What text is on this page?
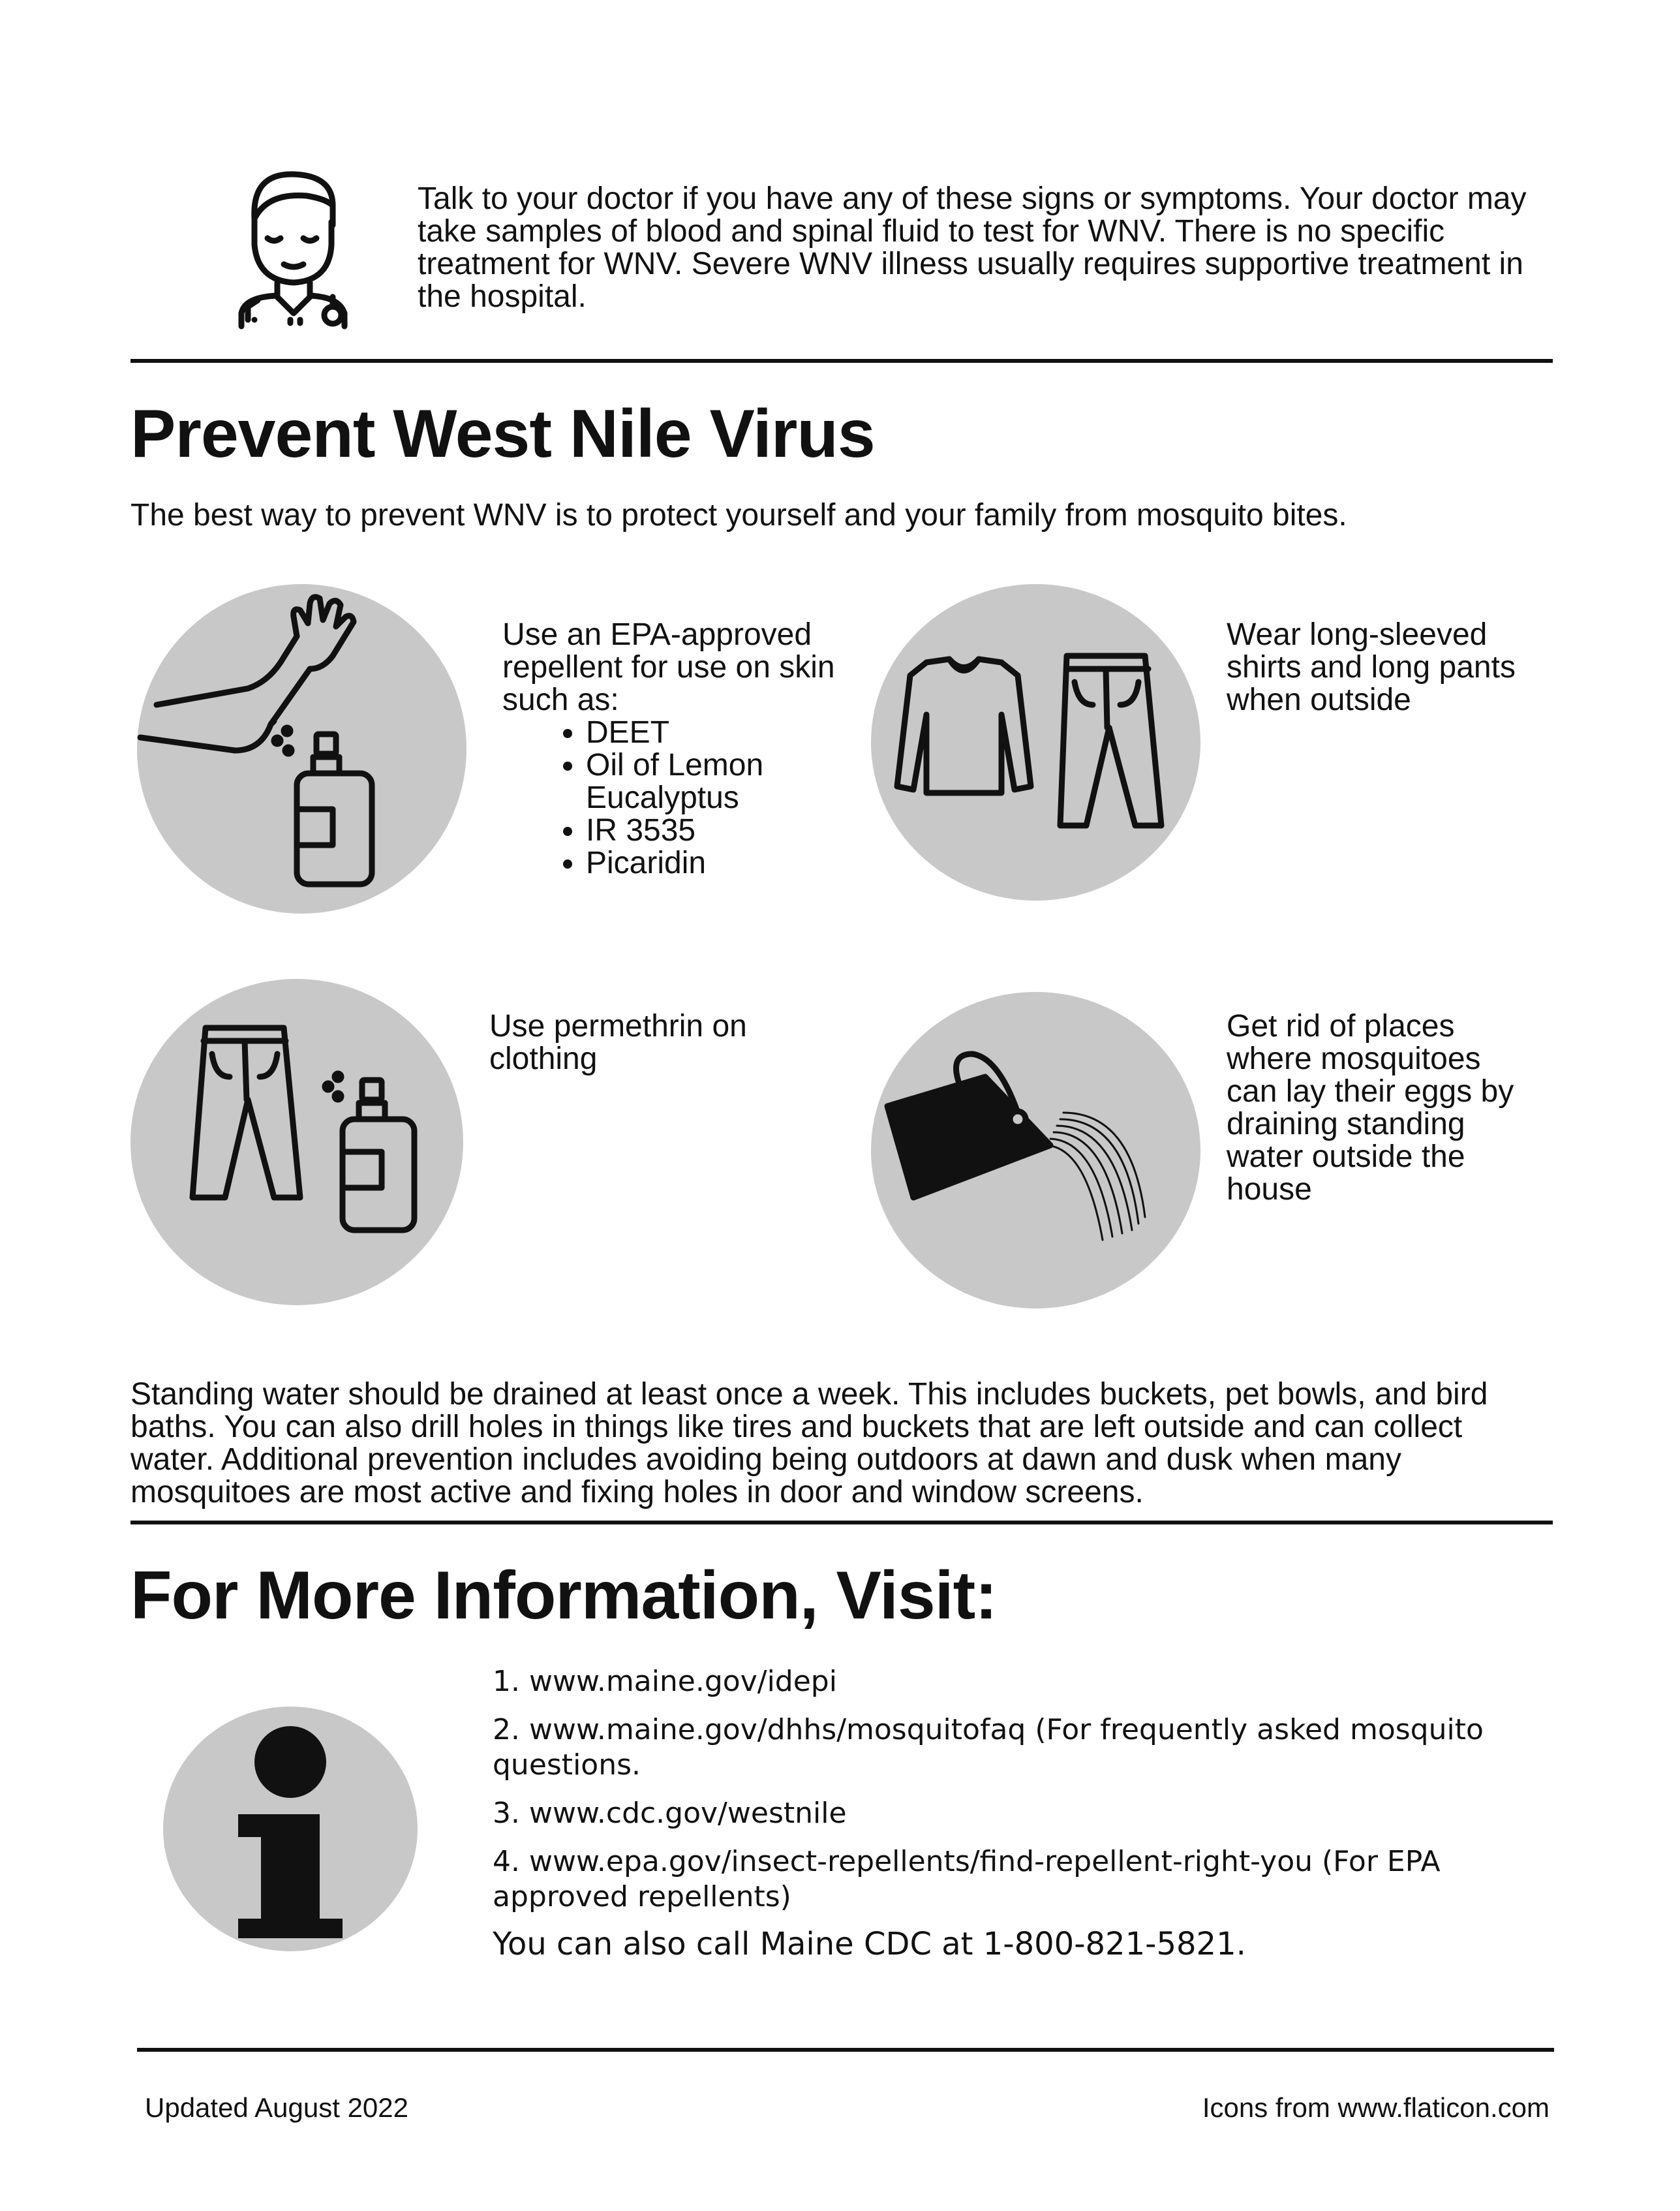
Talk to your doctor if you have any of these signs or symptoms. Your doctor may take samples of blood and spinal fluid to test for WNV. There is no specific treatment for WNV. Severe WNV illness usually requires supportive treatment in the hospital.
Prevent West Nile Virus
The best way to prevent WNV is to protect yourself and your family from mosquito bites.
Use an EPA-approved repellent for use on skin such as:
• DEET
• Oil of Lemon Eucalyptus
• IR 3535
• Picaridin
Wear long-sleeved shirts and long pants when outside
Use permethrin on clothing
Get rid of places where mosquitoes can lay their eggs by draining standing water outside the house
Standing water should be drained at least once a week. This includes buckets, pet bowls, and bird baths. You can also drill holes in things like tires and buckets that are left outside and can collect water. Additional prevention includes avoiding being outdoors at dawn and dusk when many mosquitoes are most active and fixing holes in door and window screens.
For More Information, Visit:
1. www.maine.gov/idepi
2. www.maine.gov/dhhs/mosquitofaq (For frequently asked mosquito questions.
3. www.cdc.gov/westnile
4. www.epa.gov/insect-repellents/find-repellent-right-you (For EPA approved repellents)
You can also call Maine CDC at 1-800-821-5821.
Updated August 2022	Icons from www.flaticon.com
